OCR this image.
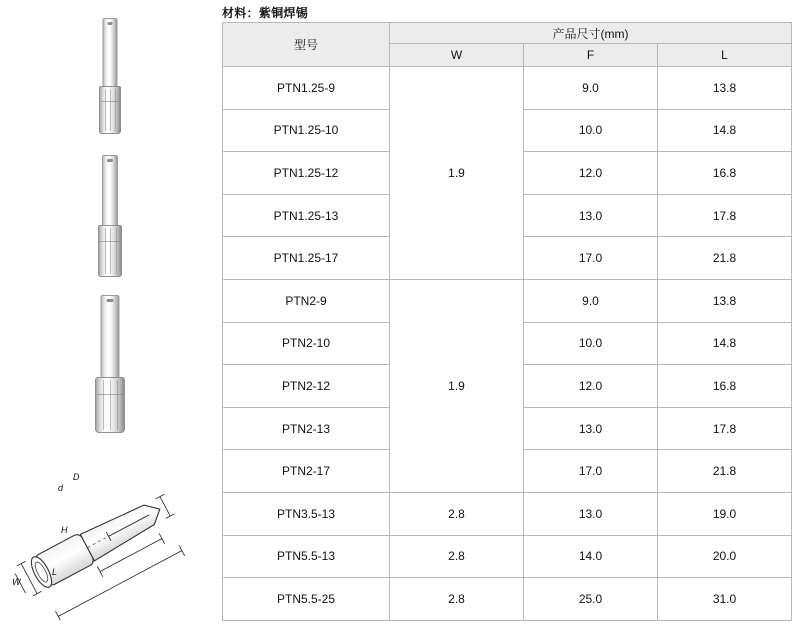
d
D
H
L
W
材料：紫铜焊锡
型号	产品尺寸(mm)		
	W	F	L
PTN1.25-9	1.9	9.0	13.8
PTN1.25-10		10.0	14.8
PTN1.25-12		12.0	16.8
PTN1.25-13		13.0	17.8
PTN1.25-17		17.0	21.8
PTN2-9	1.9	9.0	13.8
PTN2-10		10.0	14.8
PTN2-12		12.0	16.8
PTN2-13		13.0	17.8
PTN2-17		17.0	21.8
PTN3.5-13	2.8	13.0	19.0
PTN5.5-13	2.8	14.0	20.0
PTN5.5-25	2.8	25.0	31.0
